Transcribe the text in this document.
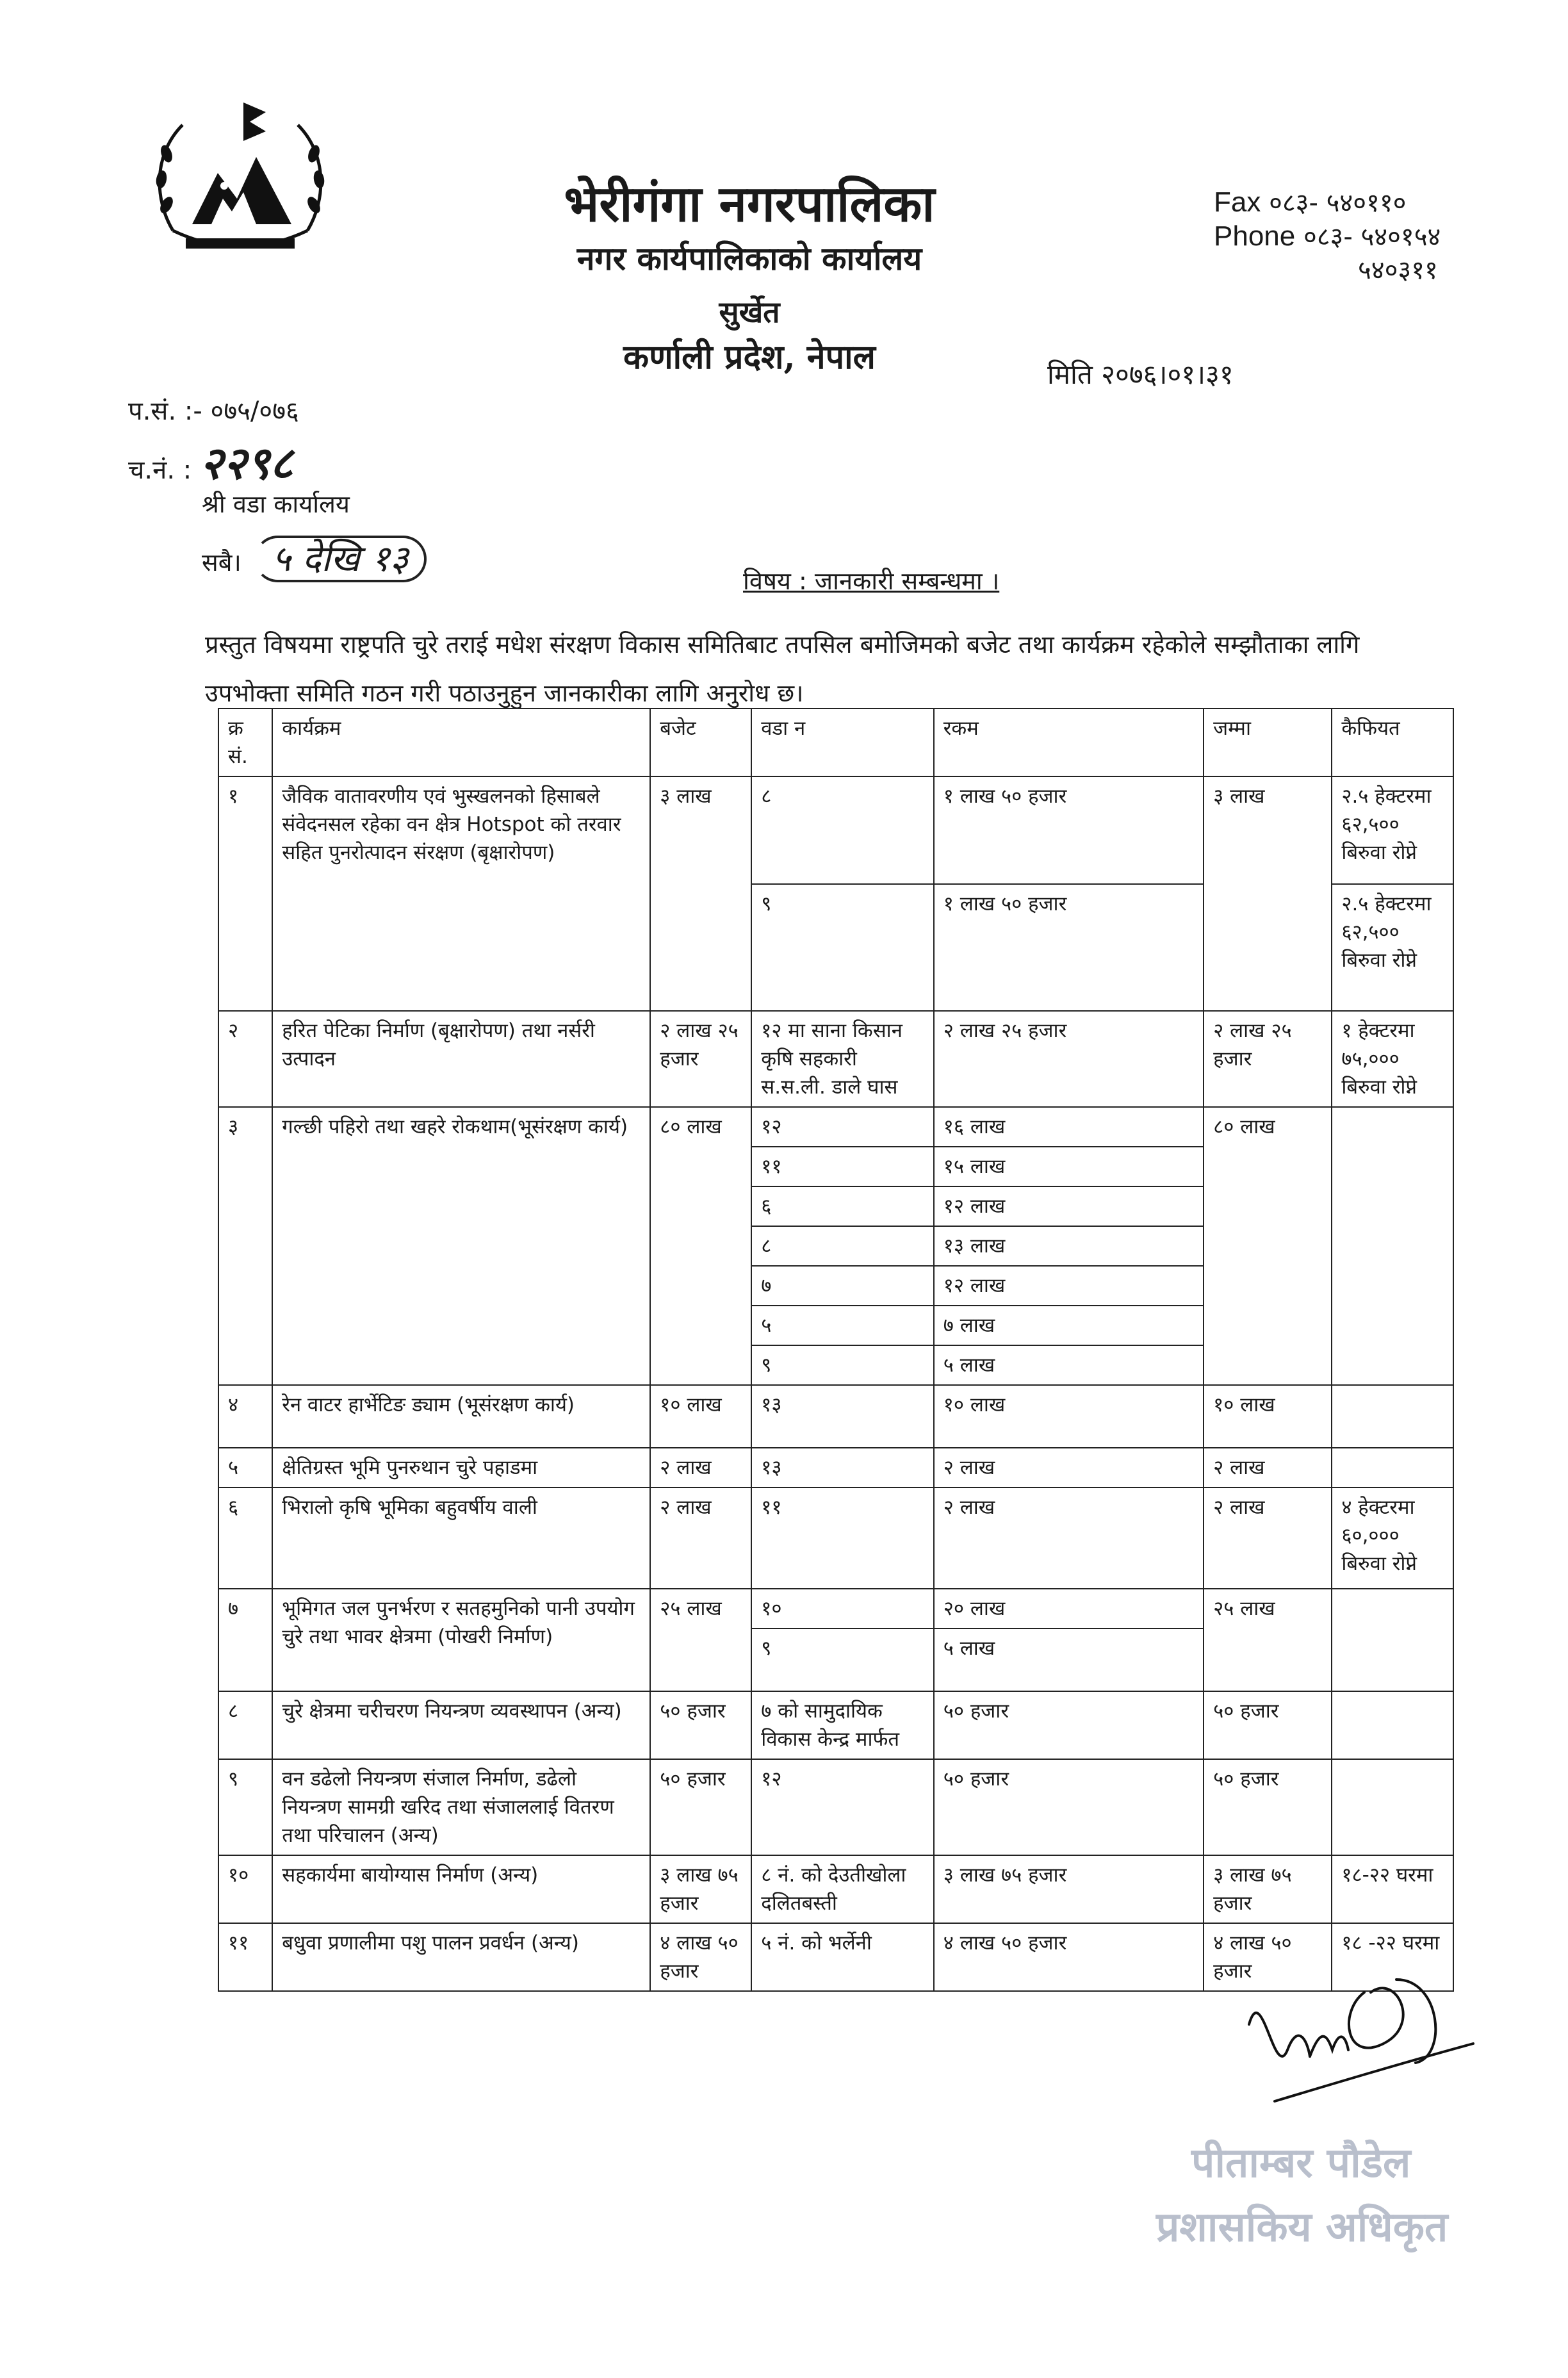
भेरीगंगा नगरपालिका
नगर कार्यपालिकाको कार्यालय
सुर्खेत
कर्णाली प्रदेश, नेपाल
Fax ०८३- ५४०११०
Phone ०८३- ५४०१५४
५४०३११
मिति २०७६।०१।३१
प.सं. :- ०७५/०७६
च.नं. : २२९८
श्री वडा कार्यालय
सबै। ५ देखि १३
विषय : जानकारी सम्बन्धमा ।
प्रस्तुत विषयमा राष्ट्रपति चुरे तराई मधेश संरक्षण विकास समितिबाट तपसिल बमोजिमको बजेट तथा कार्यक्रम रहेकोले सम्झौताका लागि उपभोक्ता समिति गठन गरी पठाउनुहुन जानकारीका लागि अनुरोध छ।
क्र सं.	कार्यक्रम	बजेट	वडा न	रकम	जम्मा	कैफियत
१	जैविक वातावरणीय एवं भुस्खलनको हिसाबले संवेदनसल रहेका वन क्षेत्र Hotspot को तरवार सहित पुनरोत्पादन संरक्षण (बृक्षारोपण)	३ लाख	८	१ लाख ५० हजार	३ लाख	२.५ हेक्टरमा ६२,५०० बिरुवा रोप्ने
			९	१ लाख ५० हजार		२.५ हेक्टरमा ६२,५०० बिरुवा रोप्ने
२	हरित पेटिका निर्माण (बृक्षारोपण) तथा नर्सरी उत्पादन	२ लाख २५ हजार	१२ मा साना किसान कृषि सहकारी स.स.ली. डाले घास	२ लाख २५ हजार	२ लाख २५ हजार	१ हेक्टरमा ७५,००० बिरुवा रोप्ने
३	गल्छी पहिरो तथा खहरे रोकथाम(भूसंरक्षण कार्य)	८० लाख	१२	१६ लाख	८० लाख	
			११	१५ लाख		
			६	१२ लाख		
			८	१३ लाख		
			७	१२ लाख		
			५	७ लाख		
			९	५ लाख		
४	रेन वाटर हार्भेटिङ ड्याम (भूसंरक्षण कार्य)	१० लाख	१३	१० लाख	१० लाख	
५	क्षेतिग्रस्त भूमि पुनरुथान चुरे पहाडमा	२ लाख	१३	२ लाख	२ लाख	
६	भिरालो कृषि भूमिका बहुवर्षीय वाली	२ लाख	११	२ लाख	२ लाख	४ हेक्टरमा ६०,००० बिरुवा रोप्ने
७	भूमिगत जल पुनर्भरण र सतहमुनिको पानी उपयोग चुरे तथा भावर क्षेत्रमा (पोखरी निर्माण)	२५ लाख	१०	२० लाख	२५ लाख	
			९	५ लाख		
८	चुरे क्षेत्रमा चरीचरण नियन्त्रण व्यवस्थापन (अन्य)	५० हजार	७ को सामुदायिक विकास केन्द्र मार्फत	५० हजार	५० हजार	
९	वन डढेलो नियन्त्रण संजाल निर्माण, डढेलो नियन्त्रण सामग्री खरिद तथा संजाललाई वितरण तथा परिचालन (अन्य)	५० हजार	१२	५० हजार	५० हजार	
१०	सहकार्यमा बायोग्यास निर्माण (अन्य)	३ लाख ७५ हजार	८ नं. को देउतीखोला दलितबस्ती	३ लाख ७५ हजार	३ लाख ७५ हजार	१८-२२ घरमा
११	बधुवा प्रणालीमा पशु पालन प्रवर्धन (अन्य)	४ लाख ५० हजार	५ नं. को भर्लेनी	४ लाख ५० हजार	४ लाख ५० हजार	१८ -२२ घरमा
पीताम्बर पौडेल
प्रशासकिय अधिकृत
